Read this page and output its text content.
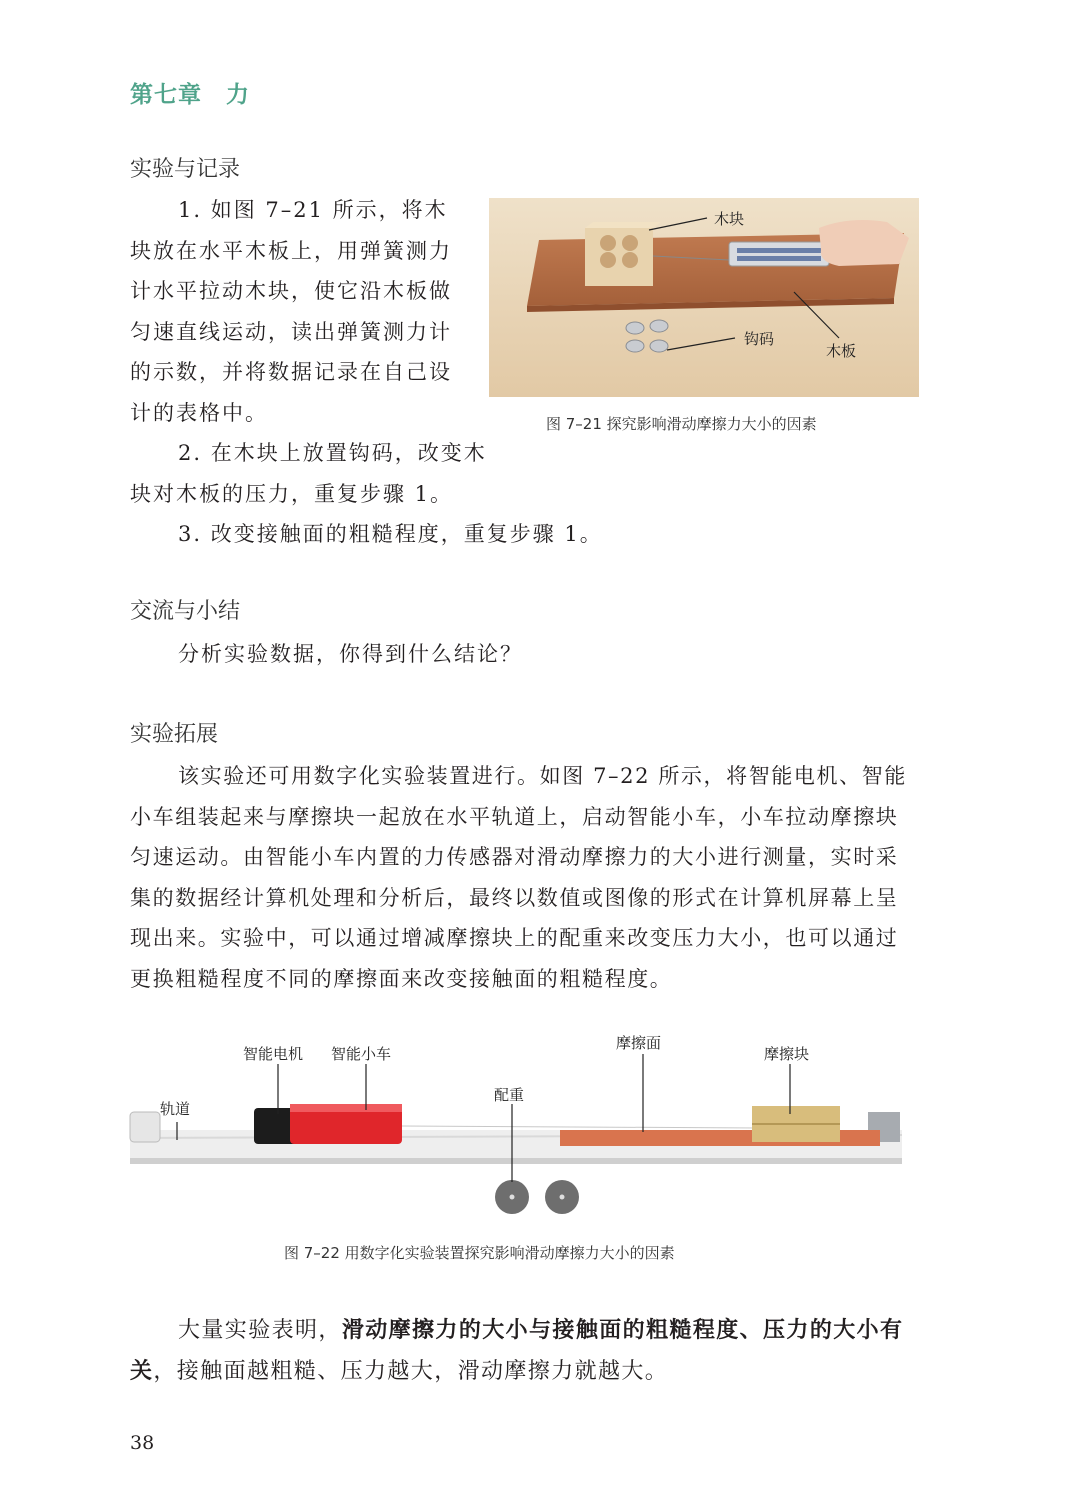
第七章　力
实验与记录

1. 如图 7–21 所示，将木块放在水平木板上，用弹簧测力计水平拉动木块，使它沿木板做匀速直线运动，读出弹簧测力计的示数，并将数据记录在自己设计的表格中。

2. 在木块上放置钩码，改变木块对木板的压力，重复步骤 1。

3. 改变接触面的粗糙程度，重复步骤 1。

木块
钩码
木板
图 7–21 探究影响滑动摩擦力大小的因素
交流与小结

分析实验数据，你得到什么结论？

实验拓展

该实验还可用数字化实验装置进行。如图 7–22 所示，将智能电机、智能小车组装起来与摩擦块一起放在水平轨道上，启动智能小车，小车拉动摩擦块匀速运动。由智能小车内置的力传感器对滑动摩擦力的大小进行测量，实时采集的数据经计算机处理和分析后，最终以数值或图像的形式在计算机屏幕上呈现出来。实验中，可以通过增减摩擦块上的配重来改变压力大小，也可以通过更换粗糙程度不同的摩擦面来改变接触面的粗糙程度。

智能电机 智能小车
轨道
配重
摩擦面
摩擦块
图 7–22 用数字化实验装置探究影响滑动摩擦力大小的因素

大量实验表明，滑动摩擦力的大小与接触面的粗糙程度、压力的大小有关，接触面越粗糙、压力越大，滑动摩擦力就越大。

38
